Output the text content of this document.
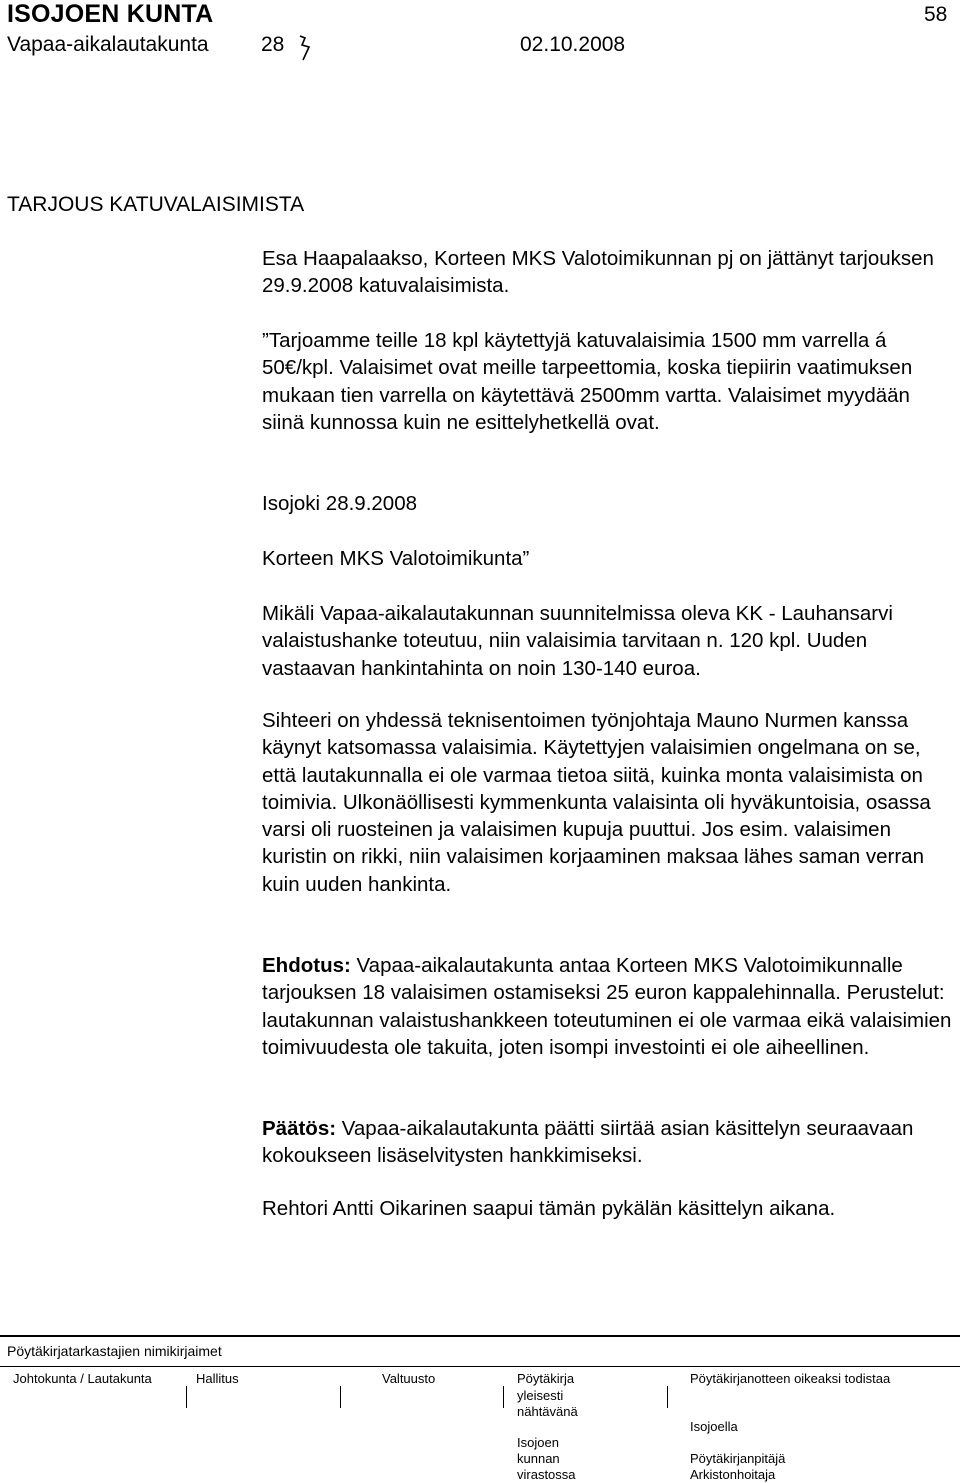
ISOJOEN KUNTA	58
Vapaa-aikalautakunta 28	02.10.2008
TARJOUS KATUVALAISIMISTA

Esa Haapalaakso, Korteen MKS Valotoimikunnan pj on jättänyt tarjouksen 29.9.2008 katuvalaisimista.

”Tarjoamme teille 18 kpl käytettyjä katuvalaisimia 1500 mm varrella á 50€/kpl. Valaisimet ovat meille tarpeettomia, koska tiepiirin vaatimuksen mukaan tien varrella on käytettävä 2500mm vartta. Valaisimet myydään siinä kunnossa kuin ne esittelyhetkellä ovat.

Isojoki 28.9.2008

Korteen MKS Valotoimikunta”

Mikäli Vapaa-aikalautakunnan suunnitelmissa oleva KK - Lauhansarvi valaistushanke toteutuu, niin valaisimia tarvitaan n. 120 kpl. Uuden vastaavan hankintahinta on noin 130-140 euroa.

Sihteeri on yhdessä teknisentoimen työnjohtaja Mauno Nurmen kanssa käynyt katsomassa valaisimia. Käytettyjen valaisimien ongelmana on se, että lautakunnalla ei ole varmaa tietoa siitä, kuinka monta valaisimista on toimivia. Ulkonäöllisesti kymmenkunta valaisinta oli hyväkuntoisia, osassa varsi oli ruosteinen ja valaisimen kupuja puuttui. Jos esim. valaisimen kuristin on rikki, niin valaisimen korjaaminen maksaa lähes saman verran kuin uuden hankinta.

Ehdotus: Vapaa-aikalautakunta antaa Korteen MKS Valotoimikunnalle tarjouksen 18 valaisimen ostamiseksi 25 euron kappalehinnalla. Perustelut: lautakunnan valaistushankkeen toteutuminen ei ole varmaa eikä valaisimien toimivuudesta ole takuita, joten isompi investointi ei ole aiheellinen.

Päätös: Vapaa-aikalautakunta päätti siirtää asian käsittelyn seuraavaan kokoukseen lisäselvitysten hankkimiseksi.

Rehtori Antti Oikarinen saapui tämän pykälän käsittelyn aikana.

Pöytäkirjatarkastajien nimikirjaimet
Johtokunta / Lautakunta	Hallitus	Valtuusto	Pöytäkirja
yleisesti
nähtävänä
Isojoen
kunnan
virastossa
Pöytäkirjanotteen oikeaksi todistaa
Isojoella
Pöytäkirjanpitäjä
Arkistonhoitaja
